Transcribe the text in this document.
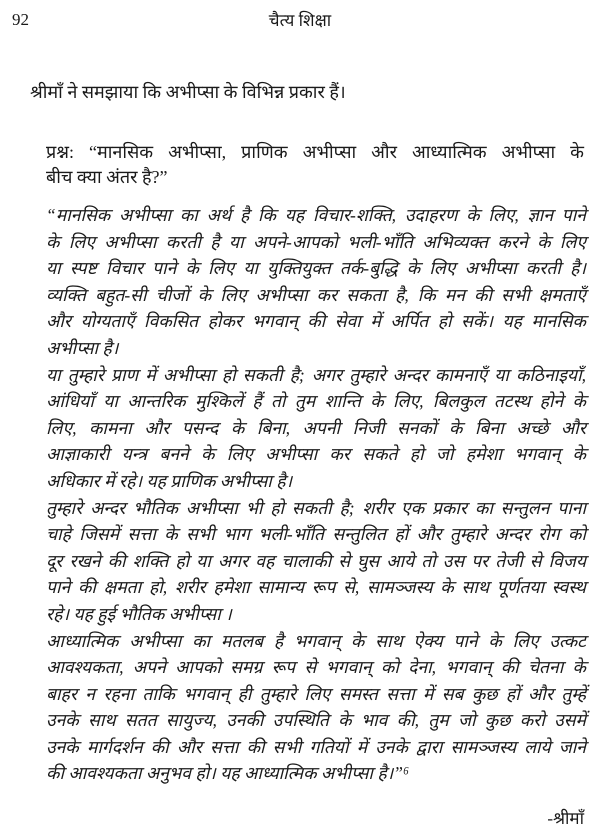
92	चैत्य शिक्षा
श्रीमाँ ने समझाया कि अभीप्सा के विभिन्न प्रकार हैं।
प्रश्न: “मानसिक अभीप्सा, प्राणिक अभीप्सा और आध्यात्मिक अभीप्सा के
बीच क्या अंतर है?”
“मानसिक अभीप्सा का अर्थ है कि यह विचार-शक्ति, उदाहरण के लिए, ज्ञान पाने
के लिए अभीप्सा करती है या अपने-आपको भली-भाँति अभिव्यक्त करने के लिए
या स्पष्ट विचार पाने के लिए या युक्तियुक्त तर्क-बुद्धि के लिए अभीप्सा करती है।
व्यक्ति बहुत-सी चीजों के लिए अभीप्सा कर सकता है, कि मन की सभी क्षमताएँ
और योग्यताएँ विकसित होकर भगवान् की सेवा में अर्पित हो सकें। यह मानसिक
अभीप्सा है।
या तुम्हारे प्राण में अभीप्सा हो सकती है; अगर तुम्हारे अन्दर कामनाएँ या कठिनाइयाँ,
आंधियाँ या आन्तरिक मुश्किलें हैं तो तुम शान्ति के लिए, बिलकुल तटस्थ होने के
लिए, कामना और पसन्द के बिना, अपनी निजी सनकों के बिना अच्छे और
आज्ञाकारी यन्त्र बनने के लिए अभीप्सा कर सकते हो जो हमेशा भगवान् के
अधिकार में रहे। यह प्राणिक अभीप्सा है।
तुम्हारे अन्दर भौतिक अभीप्सा भी हो सकती है; शरीर एक प्रकार का सन्तुलन पाना
चाहे जिसमें सत्ता के सभी भाग भली-भाँति सन्तुलित हों और तुम्हारे अन्दर रोग को
दूर रखने की शक्ति हो या अगर वह चालाकी से घुस आये तो उस पर तेजी से विजय
पाने की क्षमता हो, शरीर हमेशा सामान्य रूप से, सामञ्जस्य के साथ पूर्णतया स्वस्थ
रहे। यह हुई भौतिक अभीप्सा ।
आध्यात्मिक अभीप्सा का मतलब है भगवान् के साथ ऐक्य पाने के लिए उत्कट
आवश्यकता, अपने आपको समग्र रूप से भगवान् को देना, भगवान् की चेतना के
बाहर न रहना ताकि भगवान् ही तुम्हारे लिए समस्त सत्ता में सब कुछ हों और तुम्हें
उनके साथ सतत सायुज्य, उनकी उपस्थिति के भाव की, तुम जो कुछ करो उसमें
उनके मार्गदर्शन की और सत्ता की सभी गतियों में उनके द्वारा सामञ्जस्य लाये जाने
की आवश्यकता अनुभव हो। यह आध्यात्मिक अभीप्सा है।”⁶
-श्रीमाँ
